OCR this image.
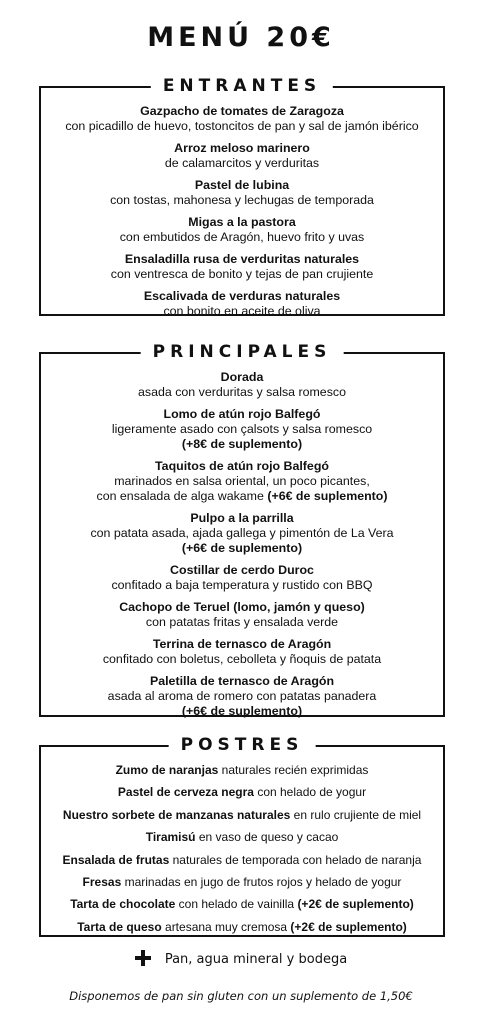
MENÚ 20€
ENTRANTES
Gazpacho de tomates de Zaragoza
con picadillo de huevo, tostoncitos de pan y sal de jamón ibérico
Arroz meloso marinero
de calamarcitos y verduritas
Pastel de lubina
con tostas, mahonesa y lechugas de temporada
Migas a la pastora
con embutidos de Aragón, huevo frito y uvas
Ensaladilla rusa de verduritas naturales
con ventresca de bonito y tejas de pan crujiente
Escalivada de verduras naturales
con bonito en aceite de oliva
PRINCIPALES
Dorada
asada con verduritas y salsa romesco
Lomo de atún rojo Balfegó
ligeramente asado con çalsots y salsa romesco
(+8€ de suplemento)
Taquitos de atún rojo Balfegó
marinados en salsa oriental, un poco picantes,
con ensalada de alga wakame (+6€ de suplemento)
Pulpo a la parrilla
con patata asada, ajada gallega y pimentón de La Vera
(+6€ de suplemento)
Costillar de cerdo Duroc
confitado a baja temperatura y rustido con BBQ
Cachopo de Teruel (lomo, jamón y queso)
con patatas fritas y ensalada verde
Terrina de ternasco de Aragón
confitado con boletus, cebolleta y ñoquis de patata
Paletilla de ternasco de Aragón
asada al aroma de romero con patatas panadera
(+6€ de suplemento)
POSTRES
Zumo de naranjas naturales recién exprimidas
Pastel de cerveza negra con helado de yogur
Nuestro sorbete de manzanas naturales en rulo crujiente de miel
Tiramisú en vaso de queso y cacao
Ensalada de frutas naturales de temporada con helado de naranja
Fresas marinadas en jugo de frutos rojos y helado de yogur
Tarta de chocolate con helado de vainilla (+2€ de suplemento)
Tarta de queso artesana muy cremosa (+2€ de suplemento)
Pan, agua mineral y bodega
Disponemos de pan sin gluten con un suplemento de 1,50€
